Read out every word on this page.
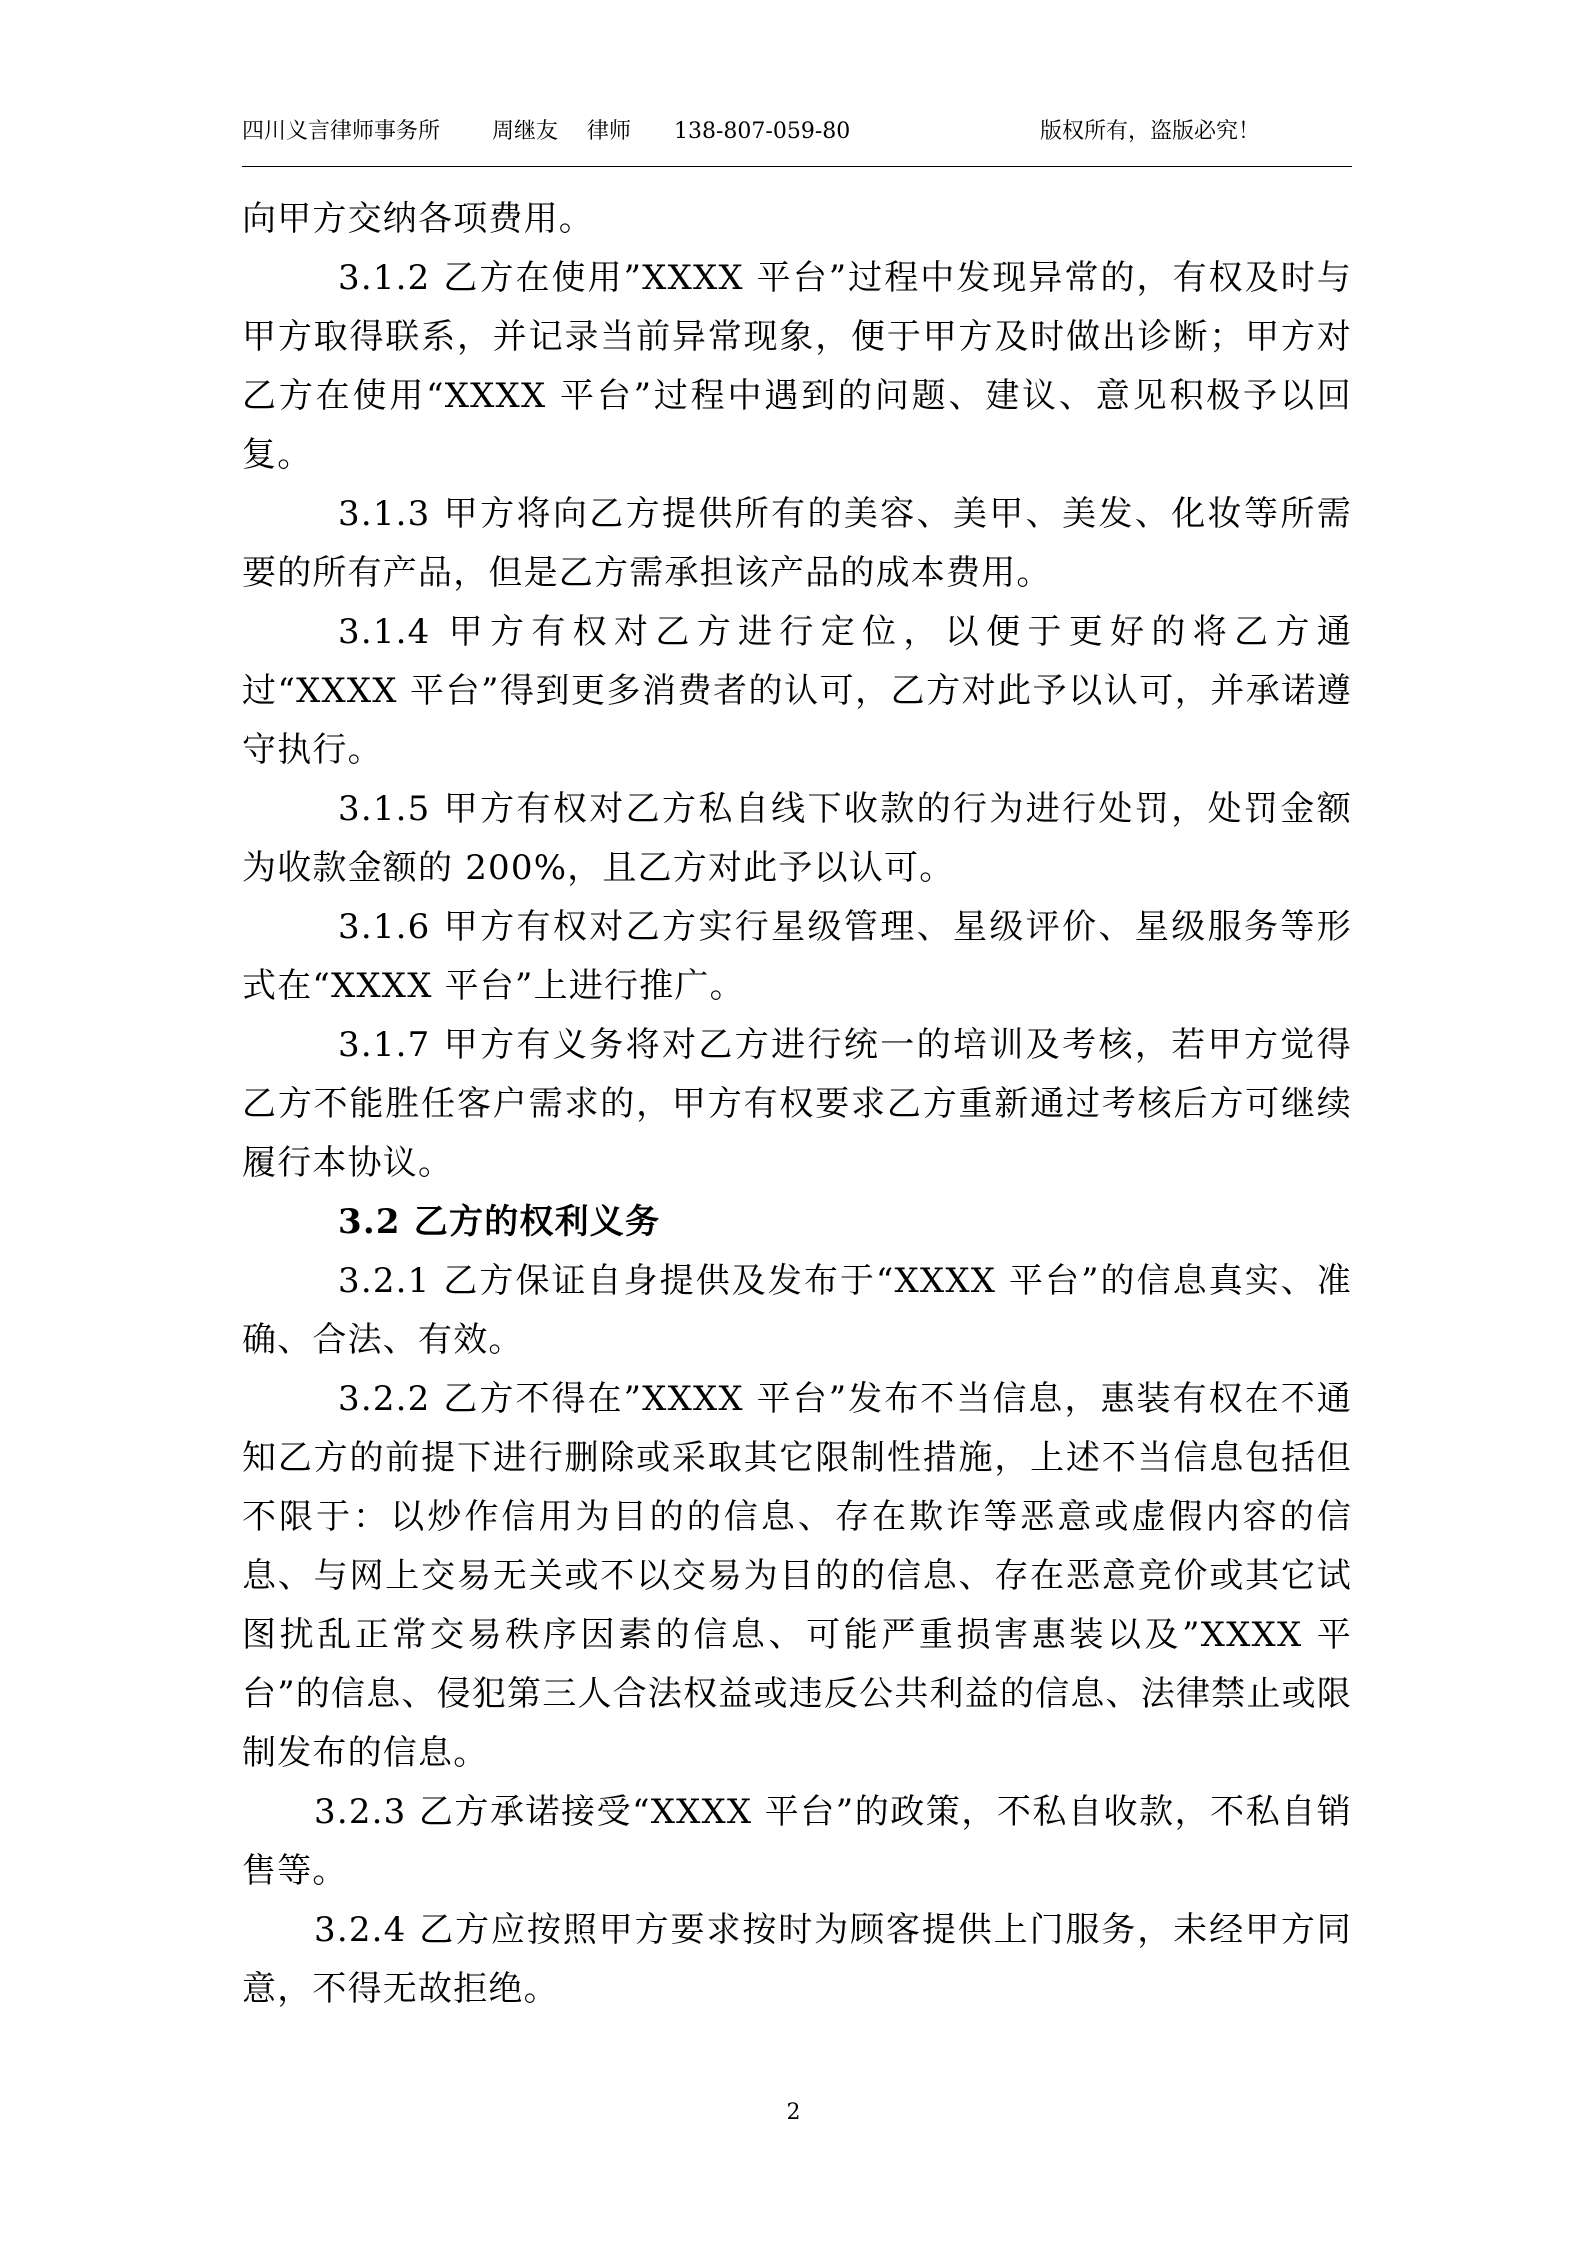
四川义言律师事务所 周继友 律师 138-807-059-80	版权所有，盗版必究！

向甲方交纳各项费用。

3.1.2 乙方在使用”XXXX 平台”过程中发现异常的，有权及时与甲方取得联系，并记录当前异常现象，便于甲方及时做出诊断；甲方对乙方在使用“XXXX 平台”过程中遇到的问题、建议、意见积极予以回复。

3.1.3 甲方将向乙方提供所有的美容、美甲、美发、化妆等所需要的所有产品，但是乙方需承担该产品的成本费用。

3.1.4 甲方有权对乙方进行定位，以便于更好的将乙方通过“XXXX 平台”得到更多消费者的认可，乙方对此予以认可，并承诺遵守执行。

3.1.5 甲方有权对乙方私自线下收款的行为进行处罚，处罚金额为收款金额的 200%，且乙方对此予以认可。

3.1.6 甲方有权对乙方实行星级管理、星级评价、星级服务等形式在“XXXX 平台”上进行推广。

3.1.7 甲方有义务将对乙方进行统一的培训及考核，若甲方觉得乙方不能胜任客户需求的，甲方有权要求乙方重新通过考核后方可继续履行本协议。

3.2 乙方的权利义务

3.2.1 乙方保证自身提供及发布于“XXXX 平台”的信息真实、准确、合法、有效。

3.2.2 乙方不得在”XXXX 平台”发布不当信息，惠装有权在不通知乙方的前提下进行删除或采取其它限制性措施，上述不当信息包括但不限于：以炒作信用为目的的信息、存在欺诈等恶意或虚假内容的信息、与网上交易无关或不以交易为目的的信息、存在恶意竞价或其它试图扰乱正常交易秩序因素的信息、可能严重损害惠装以及”XXXX 平台”的信息、侵犯第三人合法权益或违反公共利益的信息、法律禁止或限制发布的信息。

3.2.3 乙方承诺接受“XXXX 平台”的政策，不私自收款，不私自销售等。

3.2.4 乙方应按照甲方要求按时为顾客提供上门服务，未经甲方同意，不得无故拒绝。

2
